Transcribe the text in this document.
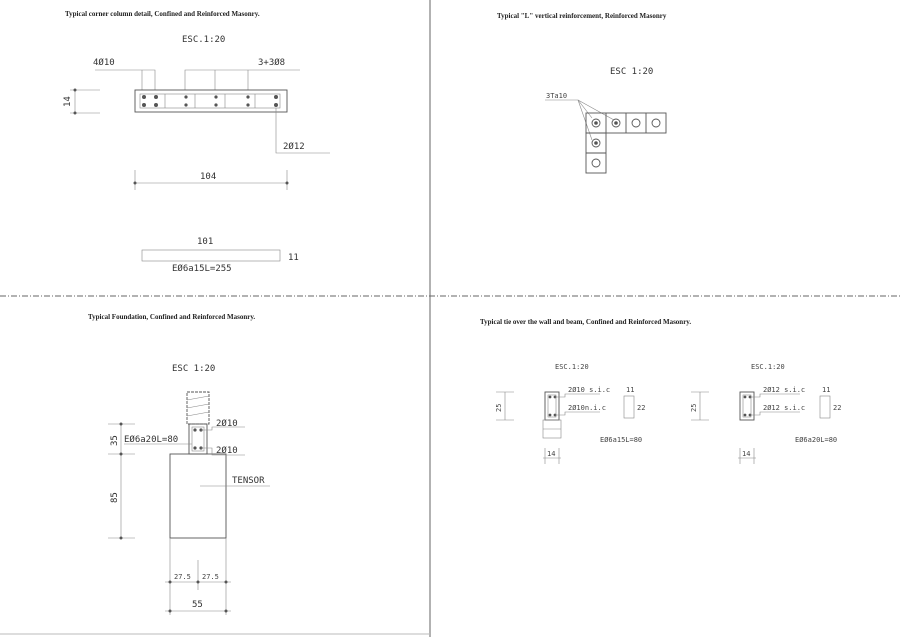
Typical corner column detail, Confined and Reinforced Masonry.
ESC.1:20
4Ø10	3+3Ø8
14
2Ø12
104
101
11
EØ6a15L=255
Typical "L" vertical reinforcement, Reinforced Masonry
ESC 1:20
3Ta10
Typical Foundation, Confined and Reinforced Masonry.
ESC 1:20
2Ø10
2Ø10
TENSOR
EØ6a20L=80
35
85
27.5 27.5
55
Typical tie over the wall and beam, Confined and Reinforced Masonry.
ESC.1:20
2Ø10 s.i.c
2Ø10n.i.c
25
14
11
22
EØ6a15L=80
ESC.1:20
2Ø12 s.i.c
2Ø12 s.i.c
25
14
11
22
EØ6a20L=80
